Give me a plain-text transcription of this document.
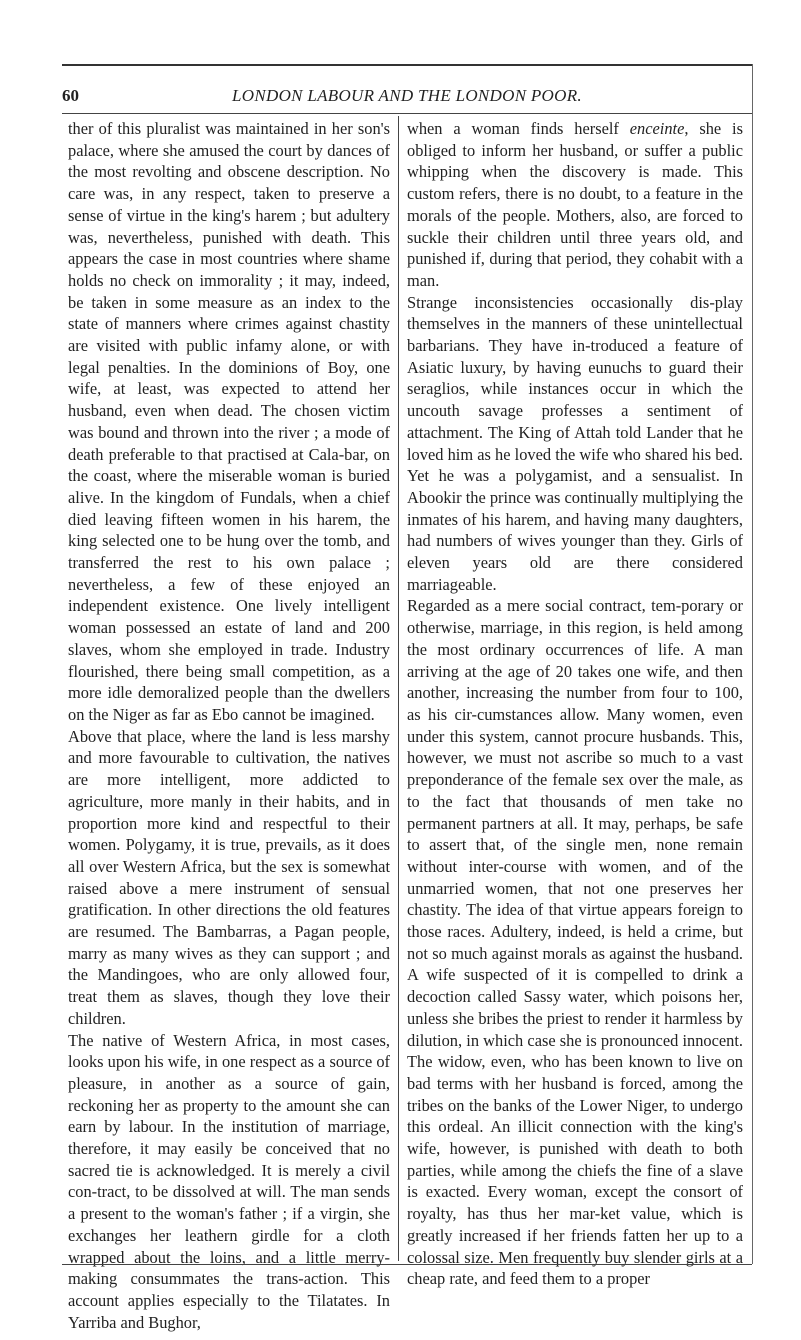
60	LONDON LABOUR AND THE LONDON POOR.

ther of this pluralist was maintained in her son's palace, where she amused the court by dances of the most revolting and obscene description. No care was, in any respect, taken to preserve a sense of virtue in the king's harem ; but adultery was, nevertheless, punished with death. This appears the case in most countries where shame holds no check on immorality ; it may, indeed, be taken in some measure as an index to the state of manners where crimes against chastity are visited with public infamy alone, or with legal penalties. In the dominions of Boy, one wife, at least, was expected to attend her husband, even when dead. The chosen victim was bound and thrown into the river ; a mode of death preferable to that practised at Cala-bar, on the coast, where the miserable woman is buried alive. In the kingdom of Fundals, when a chief died leaving fifteen women in his harem, the king selected one to be hung over the tomb, and transferred the rest to his own palace ; nevertheless, a few of these enjoyed an independent existence. One lively intelligent woman possessed an estate of land and 200 slaves, whom she employed in trade. Industry flourished, there being small competition, as a more idle demoralized people than the dwellers on the Niger as far as Ebo cannot be imagined.

Above that place, where the land is less marshy and more favourable to cultivation, the natives are more intelligent, more addicted to agriculture, more manly in their habits, and in proportion more kind and respectful to their women. Polygamy, it is true, prevails, as it does all over Western Africa, but the sex is somewhat raised above a mere instrument of sensual gratification. In other directions the old features are resumed. The Bambarras, a Pagan people, marry as many wives as they can support ; and the Mandingoes, who are only allowed four, treat them as slaves, though they love their children.

The native of Western Africa, in most cases, looks upon his wife, in one respect as a source of pleasure, in another as a source of gain, reckoning her as property to the amount she can earn by labour. In the institution of marriage, therefore, it may easily be conceived that no sacred tie is acknowledged. It is merely a civil con-tract, to be dissolved at will. The man sends a present to the woman's father ; if a virgin, she exchanges her leathern girdle for a cloth wrapped about the loins, and a little merry-making consummates the trans-action. This account applies especially to the Tilatates. In Yarriba and Bughor,

when a woman finds herself enceinte, she is obliged to inform her husband, or suffer a public whipping when the discovery is made. This custom refers, there is no doubt, to a feature in the morals of the people. Mothers, also, are forced to suckle their children until three years old, and punished if, during that period, they cohabit with a man.

Strange inconsistencies occasionally dis-play themselves in the manners of these unintellectual barbarians. They have in-troduced a feature of Asiatic luxury, by having eunuchs to guard their seraglios, while instances occur in which the uncouth savage professes a sentiment of attachment. The King of Attah told Lander that he loved him as he loved the wife who shared his bed. Yet he was a polygamist, and a sensualist. In Abookir the prince was continually multiplying the inmates of his harem, and having many daughters, had numbers of wives younger than they. Girls of eleven years old are there considered marriageable.

Regarded as a mere social contract, tem-porary or otherwise, marriage, in this region, is held among the most ordinary occurrences of life. A man arriving at the age of 20 takes one wife, and then another, increasing the number from four to 100, as his cir-cumstances allow. Many women, even under this system, cannot procure husbands. This, however, we must not ascribe so much to a vast preponderance of the female sex over the male, as to the fact that thousands of men take no permanent partners at all. It may, perhaps, be safe to assert that, of the single men, none remain without inter-course with women, and of the unmarried women, that not one preserves her chastity. The idea of that virtue appears foreign to those races. Adultery, indeed, is held a crime, but not so much against morals as against the husband. A wife suspected of it is compelled to drink a decoction called Sassy water, which poisons her, unless she bribes the priest to render it harmless by dilution, in which case she is pronounced innocent. The widow, even, who has been known to live on bad terms with her husband is forced, among the tribes on the banks of the Lower Niger, to undergo this ordeal. An illicit connection with the king's wife, however, is punished with death to both parties, while among the chiefs the fine of a slave is exacted. Every woman, except the consort of royalty, has thus her mar-ket value, which is greatly increased if her friends fatten her up to a colossal size. Men frequently buy slender girls at a cheap rate, and feed them to a proper
